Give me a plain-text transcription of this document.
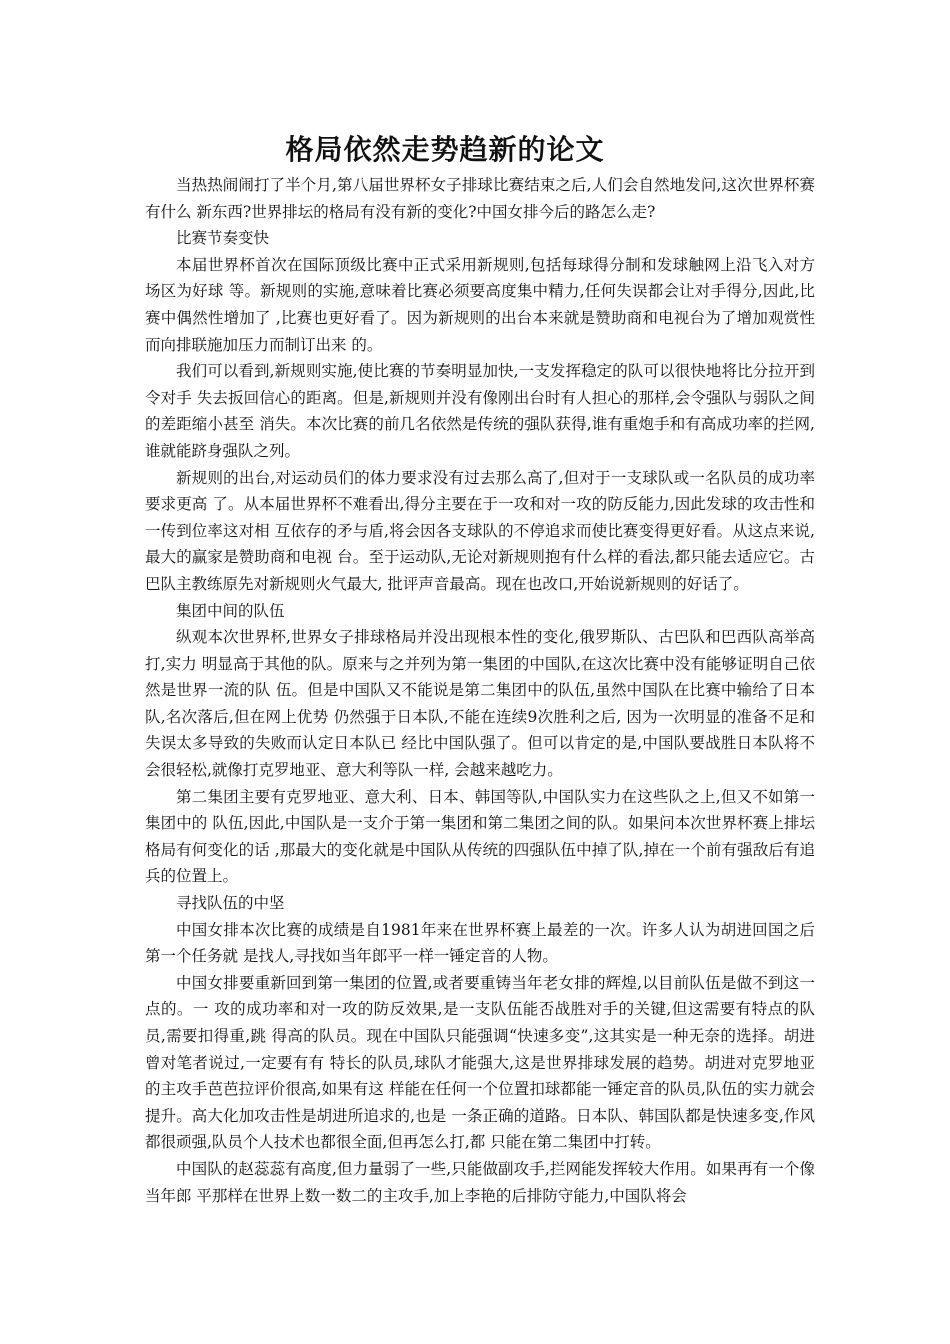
格局依然走势趋新的论文

当热热闹闹打了半个月,第八届世界杯女子排球比赛结束之后,人们会自然地发问,这次世界杯赛有什么 新东西?世界排坛的格局有没有新的变化?中国女排今后的路怎么走?

比赛节奏变快

本届世界杯首次在国际顶级比赛中正式采用新规则,包括每球得分制和发球触网上沿飞入对方场区为好球 等。新规则的实施,意味着比赛必须要高度集中精力,任何失误都会让对手得分,因此,比赛中偶然性增加了 ,比赛也更好看了。因为新规则的出台本来就是赞助商和电视台为了增加观赏性而向排联施加压力而制订出来 的。

我们可以看到,新规则实施,使比赛的节奏明显加快,一支发挥稳定的队可以很快地将比分拉开到令对手 失去扳回信心的距离。但是,新规则并没有像刚出台时有人担心的那样,会令强队与弱队之间的差距缩小甚至 消失。本次比赛的前几名依然是传统的强队获得,谁有重炮手和有高成功率的拦网,谁就能跻身强队之列。

新规则的出台,对运动员们的体力要求没有过去那么高了,但对于一支球队或一名队员的成功率要求更高 了。从本届世界杯不难看出,得分主要在于一攻和对一攻的防反能力,因此发球的攻击性和一传到位率这对相 互依存的矛与盾,将会因各支球队的不停追求而使比赛变得更好看。从这点来说,最大的赢家是赞助商和电视 台。至于运动队,无论对新规则抱有什么样的看法,都只能去适应它。古巴队主教练原先对新规则火气最大, 批评声音最高。现在也改口,开始说新规则的好话了。

集团中间的队伍

纵观本次世界杯,世界女子排球格局并没出现根本性的变化,俄罗斯队、古巴队和巴西队高举高打,实力 明显高于其他的队。原来与之并列为第一集团的中国队,在这次比赛中没有能够证明自己依然是世界一流的队 伍。但是中国队又不能说是第二集团中的队伍,虽然中国队在比赛中输给了日本队,名次落后,但在网上优势 仍然强于日本队,不能在连续9次胜利之后, 因为一次明显的准备不足和失误太多导致的失败而认定日本队已 经比中国队强了。但可以肯定的是,中国队要战胜日本队将不会很轻松,就像打克罗地亚、意大利等队一样, 会越来越吃力。

第二集团主要有克罗地亚、意大利、日本、韩国等队,中国队实力在这些队之上,但又不如第一集团中的 队伍,因此,中国队是一支介于第一集团和第二集团之间的队。如果问本次世界杯赛上排坛格局有何变化的话 ,那最大的变化就是中国队从传统的四强队伍中掉了队,掉在一个前有强敌后有追兵的位置上。

寻找队伍的中坚

中国女排本次比赛的成绩是自1981年来在世界杯赛上最差的一次。许多人认为胡进回国之后第一个任务就 是找人,寻找如当年郎平一样一锤定音的人物。

中国女排要重新回到第一集团的位置,或者要重铸当年老女排的辉煌,以目前队伍是做不到这一点的。一 攻的成功率和对一攻的防反效果,是一支队伍能否战胜对手的关键,但这需要有特点的队员,需要扣得重,跳 得高的队员。现在中国队只能强调“快速多变”,这其实是一种无奈的选择。胡进曾对笔者说过,一定要有有 特长的队员,球队才能强大,这是世界排球发展的趋势。胡进对克罗地亚的主攻手芭芭拉评价很高,如果有这 样能在任何一个位置扣球都能一锤定音的队员,队伍的实力就会提升。高大化加攻击性是胡进所追求的,也是 一条正确的道路。日本队、韩国队都是快速多变,作风都很顽强,队员个人技术也都很全面,但再怎么打,都 只能在第二集团中打转。

中国队的赵蕊蕊有高度,但力量弱了一些,只能做副攻手,拦网能发挥较大作用。如果再有一个像当年郎 平那样在世界上数一数二的主攻手,加上李艳的后排防守能力,中国队将会
